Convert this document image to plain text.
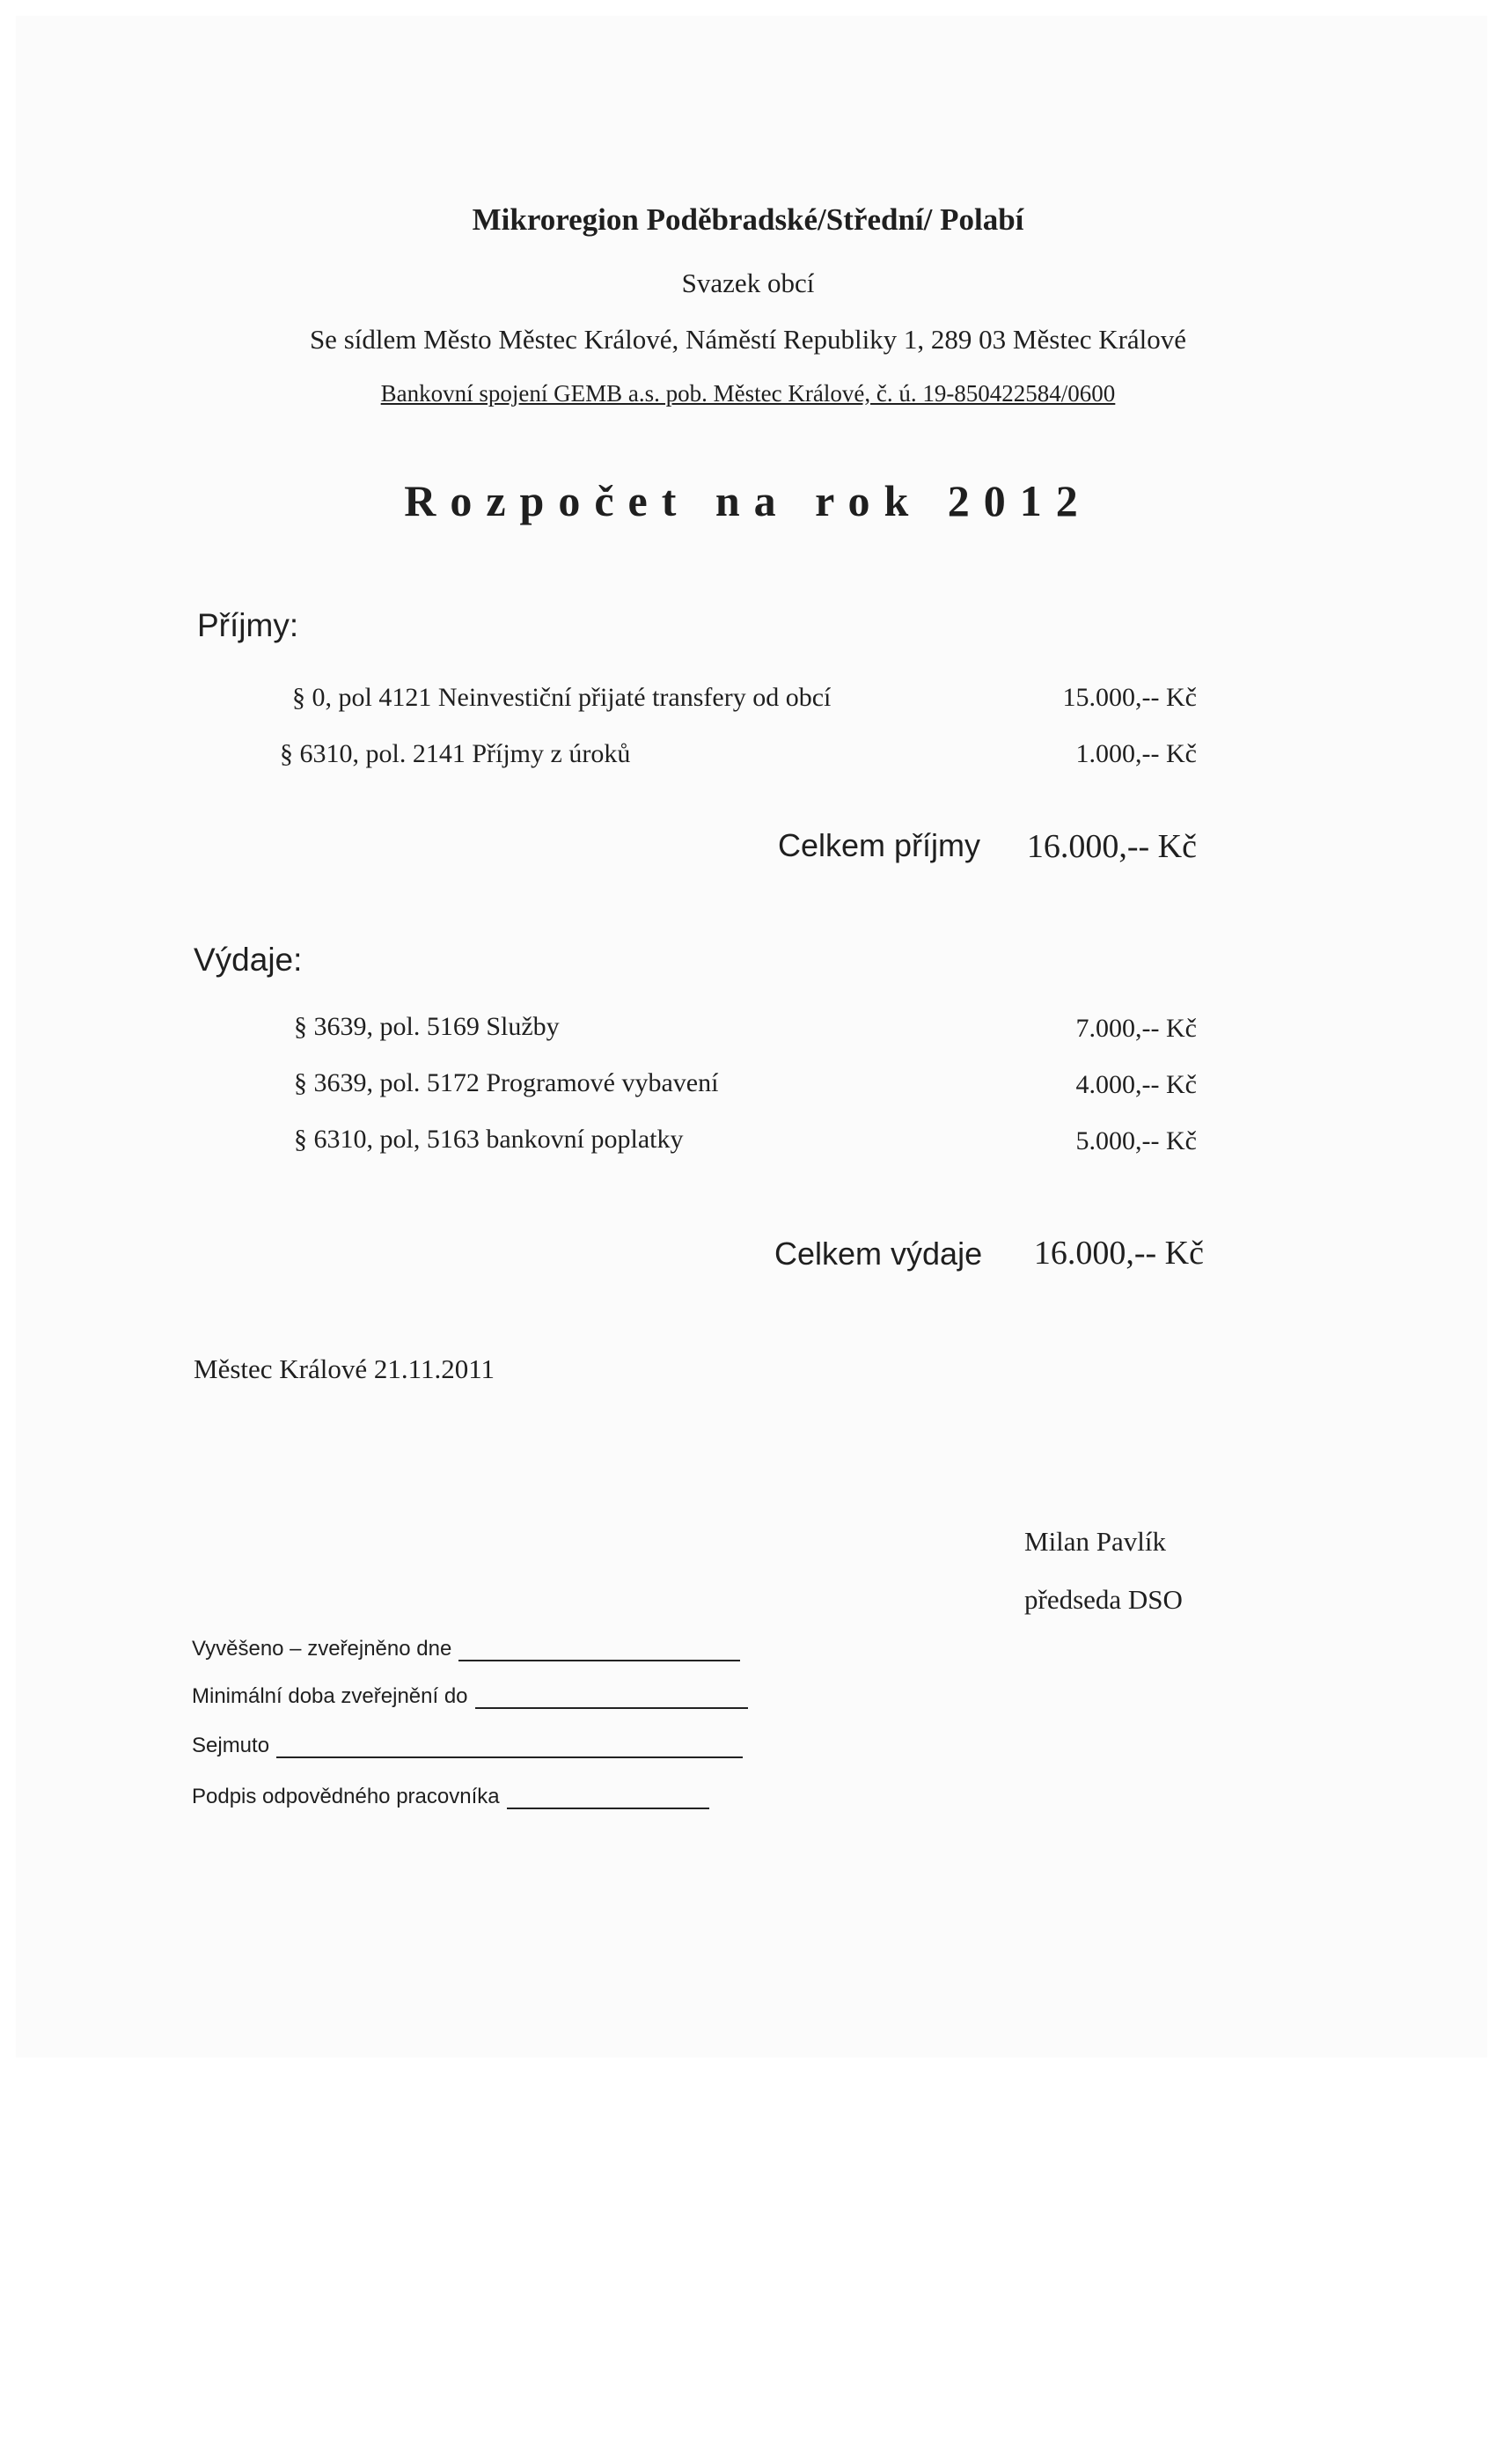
Mikroregion Poděbradské/Střední/ Polabí
Svazek obcí
Se sídlem Město Městec Králové, Náměstí Republiky 1, 289 03 Městec Králové
Bankovní spojení GEMB a.s. pob. Městec Králové, č. ú. 19-850422584/0600
Rozpočet na rok 2012
Příjmy:
§ 0, pol 4121 Neinvestiční přijaté transfery od obcí	15.000,-- Kč
§ 6310, pol. 2141 Příjmy z úroků	1.000,-- Kč
Celkem příjmy	16.000,-- Kč
Výdaje:
§ 3639, pol. 5169 Služby	7.000,-- Kč
§ 3639, pol. 5172 Programové vybavení	4.000,-- Kč
§ 6310, pol, 5163 bankovní poplatky	5.000,-- Kč
Celkem výdaje	16.000,-- Kč
Městec Králové 21.11.2011
Milan Pavlík
předseda DSO
Vyvěšeno – zveřejněno dne
Minimální doba zveřejnění do
Sejmuto
Podpis odpovědného pracovníka
